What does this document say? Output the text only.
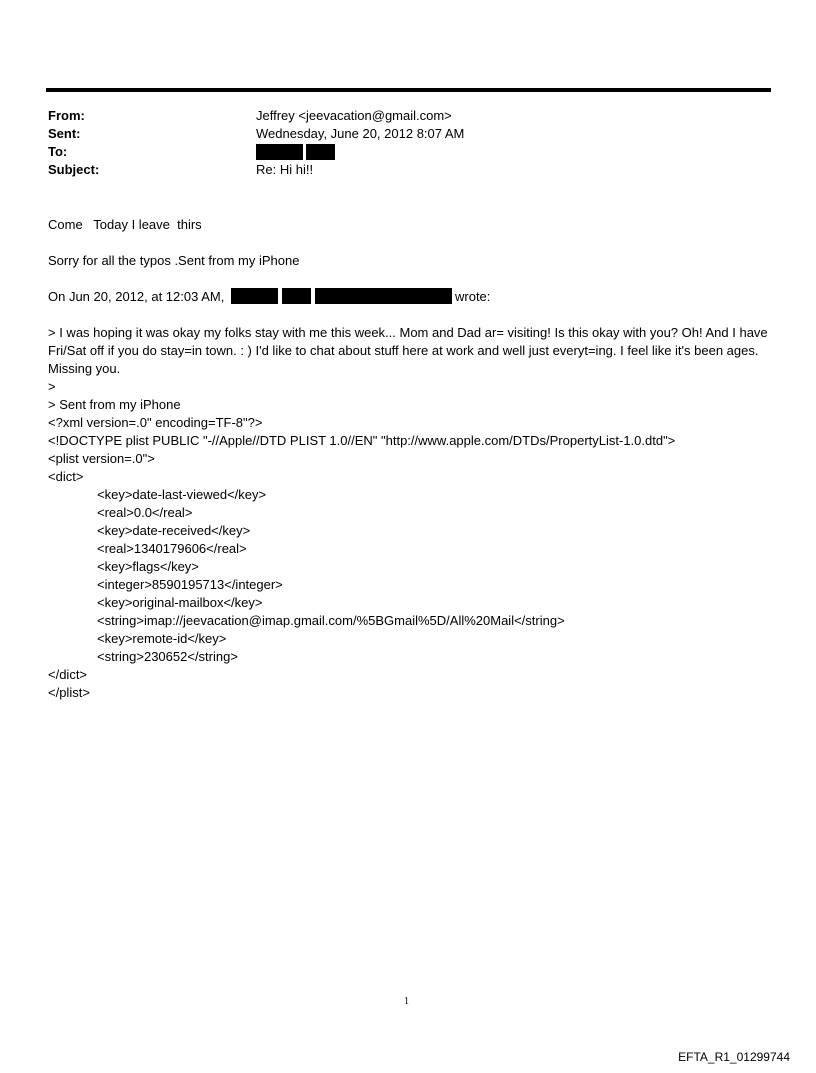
From:	Jeffrey <jeevacation@gmail.com>
Sent:	Wednesday, June 20, 2012 8:07 AM
To:
Subject:	Re: Hi hi!!
Come   Today I leave  thirs
Sorry for all the typos .Sent from my iPhone
On Jun 20, 2012, at 12:03 AM,	wrote:
> I was hoping it was okay my folks stay with me this week... Mom and Dad ar= visiting! Is this okay with you? Oh! And I have Fri/Sat off if you do stay=in town. : ) I'd like to chat about stuff here at work and well just everyt=ing. I feel like it's been ages. Missing you.
>
> Sent from my iPhone
<?xml version=.0" encoding=TF-8"?>
<!DOCTYPE plist PUBLIC "-//Apple//DTD PLIST 1.0//EN" "http://www.apple.com/DTDs/PropertyList-1.0.dtd">
<plist version=.0">
<dict>
<key>date-last-viewed</key>
<real>0.0</real>
<key>date-received</key>
<real>1340179606</real>
<key>flags</key>
<integer>8590195713</integer>
<key>original-mailbox</key>
<string>imap://jeevacation@imap.gmail.com/%5BGmail%5D/All%20Mail</string>
<key>remote-id</key>
<string>230652</string>
</dict>
</plist>
1
EFTA_R1_01299744
